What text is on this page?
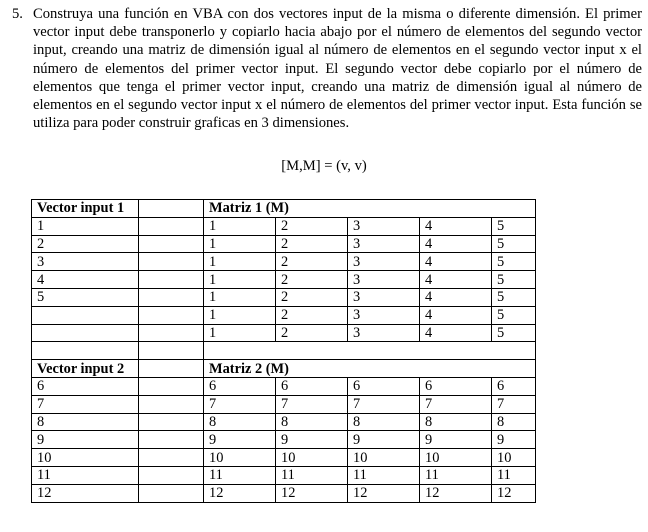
5. Construya una función en VBA con dos vectores input de la misma o diferente dimensión. El primer vector input debe transponerlo y copiarlo hacia abajo por el número de elementos del segundo vector input, creando una matriz de dimensión igual al número de elementos en el segundo vector input x el número de elementos del primer vector input. El segundo vector debe copiarlo por el número de elementos que tenga el primer vector input, creando una matriz de dimensión igual al número de elementos en el segundo vector input x el número de elementos del primer vector input. Esta función se utiliza para poder construir graficas en 3 dimensiones.
[M,M] = (v, v)
Vector input 1		Matriz 1 (M)				
1		1	2	3	4	5
2		1	2	3	4	5
3		1	2	3	4	5
4		1	2	3	4	5
5		1	2	3	4	5
		1	2	3	4	5
		1	2	3	4	5

Vector input 2		Matriz 2 (M)				
6		6	6	6	6	6
7		7	7	7	7	7
8		8	8	8	8	8
9		9	9	9	9	9
10		10	10	10	10	10
11		11	11	11	11	11
12		12	12	12	12	12
